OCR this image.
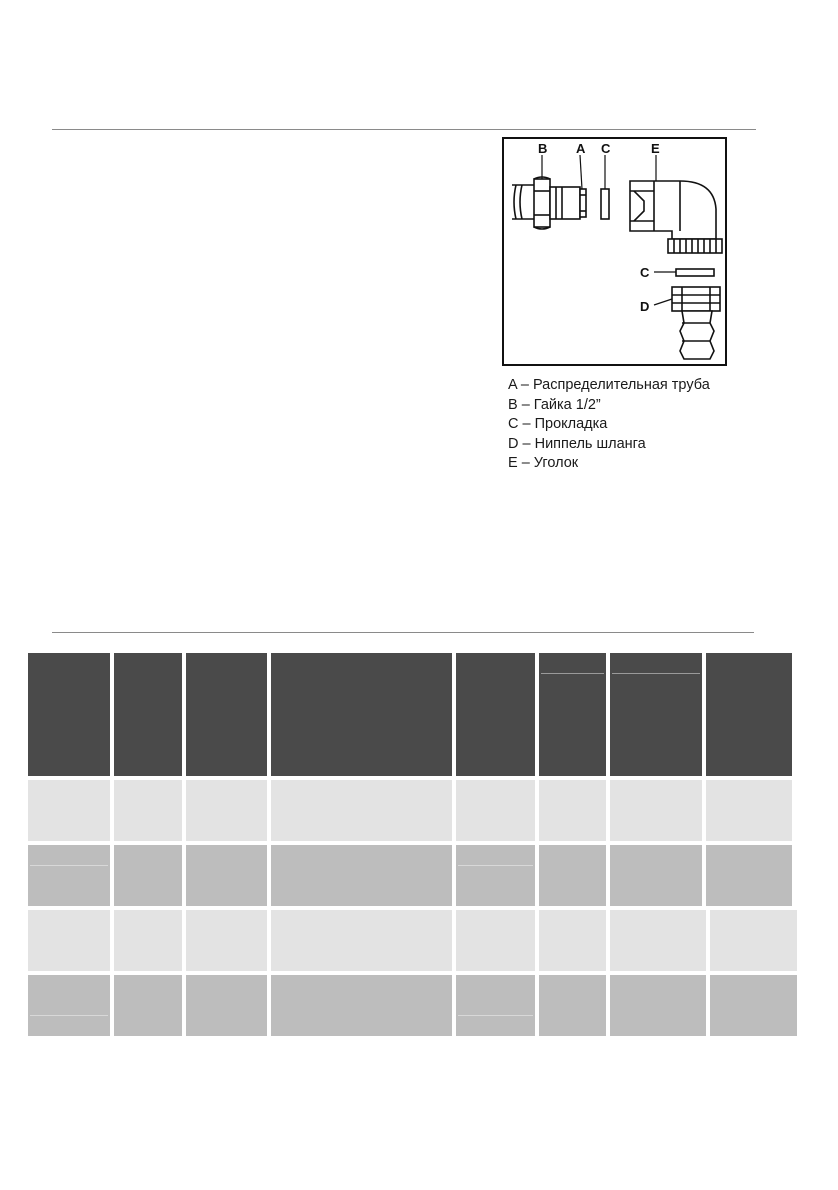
B A C	E
C
D
A – Распределительная труба
B – Гайка 1/2”
C – Прокладка
D – Ниппель шланга
E – Уголок
